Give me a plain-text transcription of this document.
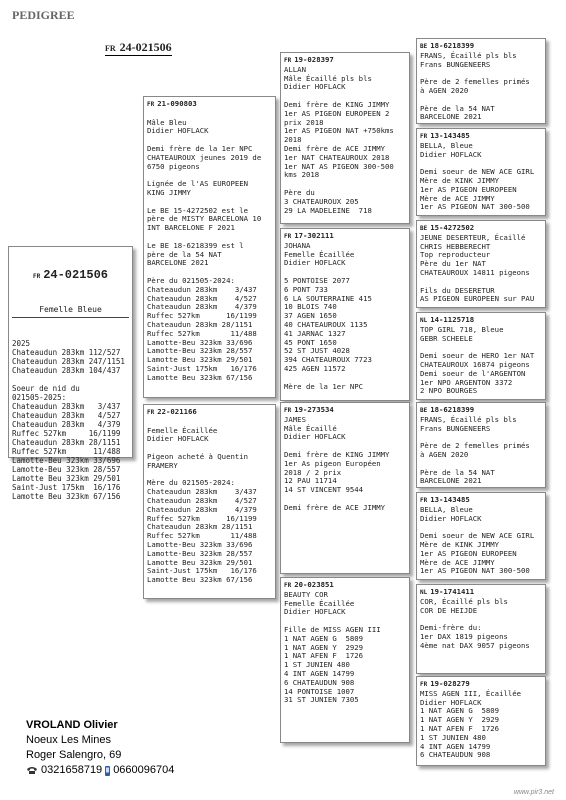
PEDIGREE
FR 24-021506

FR 24-021506

Femelle Bleue

2025
Chateaudun 283km 112/527
Chateaudun 283km 247/1151
Chateaudun 283km 104/437

Soeur de nid du
021505-2025:
Chateaudun 283km   3/437
Chateaudun 283km   4/527
Chateaudun 283km   4/379
Ruffec 527km     16/1199
Chateaudun 283km 28/1151
Ruffec 527km      11/488
Lamotte-Beu 323km 33/696
Lamotte-Beu 323km 28/557
Lamotte Beu 323km 29/501
Saint-Just 175km  16/176
Lamotte Beu 323km 67/156

FR 21-090803

Mâle Bleu
Didier HOFLACK

Demi frère de la 1er NPC
CHATEAUROUX jeunes 2019 de
6750 pigeons

Lignée de l'AS EUROPEEN
KING JIMMY

Le BE 15-4272502 est le
père de MISTY BARCELONA 10
INT BARCELONE F 2021

Le BE 18-6218399 est l
père de la 54 NAT
BARCELONE 2021

Père du 021505-2024:
Chateaudun 283km    3/437
Chateaudun 283km    4/527
Chateaudun 283km    4/379
Ruffec 527km      16/1199
Chateaudun 283km 28/1151
Ruffec 527km       11/488
Lamotte-Beu 323km 33/696
Lamotte-Beu 323km 28/557
Lamotte Beu 323km 29/501
Saint-Just 175km   16/176
Lamotte Beu 323km 67/156
FR 22-021166

Femelle Écaillée
Didier HOFLACK

Pigeon acheté à Quentin
FRAMERY

Mère du 021505-2024:
Chateaudun 283km    3/437
Chateaudun 283km    4/527
Chateaudun 283km    4/379
Ruffec 527km      16/1199
Chateaudun 283km 28/1151
Ruffec 527km       11/488
Lamotte-Beu 323km 33/696
Lamotte-Beu 323km 28/557
Lamotte Beu 323km 29/501
Saint-Just 175km   16/176
Lamotte Beu 323km 67/156
FR 19-028397
ALLAN
Mâle Écaillé pls bls
Didier HOFLACK

Demi frère de KING JIMMY
1er AS PIGEON EUROPEEN 2
prix 2018
1er AS PIGEON NAT +750kms
2018
Demi frère de ACE JIMMY
1er NAT CHATEAUROUX 2018
1er NAT AS PIGEON 300-500
kms 2018

Père du
3 CHATEAUROUX 205
29 LA MADELEINE  718
FR 17-302111
JOHANA
Femelle Écaillée
Didier HOFLACK

5 PONTOISE 2077
6 PONT 733
6 LA SOUTERRAINE 415
10 BLOIS 740
37 AGEN 1650
40 CHATEAUROUX 1135
41 JARNAC 1327
45 PONT 1650
52 ST JUST 4028
394 CHATEAUROUX 7723
425 AGEN 11572

Mère de la 1er NPC
FR 19-273534
JAMES
Mâle Écaillé
Didier HOFLACK

Demi frère de KING JIMMY
1er As pigeon Européen
2018 / 2 prix
12 PAU 11714
14 ST VINCENT 9544

Demi frère de ACE JIMMY
FR 20-023851
BEAUTY COR
Femelle Écaillée
Didier HOFLACK

Fille de MISS AGEN III
1 NAT AGEN G  5809
1 NAT AGEN Y  2929
1 NAT AFEN F  1726
1 ST JUNIEN 480
4 INT AGEN 14799
6 CHATEAUDUN 908
14 PONTOISE 1007
31 ST JUNIEN 7305
BE 18-6218399
FRANS, Écaillé pls bls
Frans BUNGENEERS

Père de 2 femelles primés
à AGEN 2020

Père de la 54 NAT
BARCELONE 2021
FR 13-143485
BELLA, Bleue
Didier HOFLACK

Demi soeur de NEW ACE GIRL
Mère de KINK JIMMY
1er AS PIGEON EUROPEEN
Mère de ACE JIMMY
1er AS PIGEON NAT 300-500
BE 15-4272502
JEUNE DESERTEUR, Écaillé
CHRIS HEBBERECHT
Top reproducteur
Père du 1er NAT
CHATEAUROUX 14811 pigeons

Fils du DESERETUR
AS PIGEON EUROPEEN sur PAU
NL 14-1125718
TOP GIRL 718, Bleue
GEBR SCHEELE

Demi soeur de HERO 1er NAT
CHATEAUROUX 16874 pigeons
Demi soeur de l'ARGENTON
1er NPO ARGENTON 3372
2 NPO BOURGES
BE 18-6218399
FRANS, Écaillé pls bls
Frans BUNGENEERS

Père de 2 femelles primés
à AGEN 2020

Père de la 54 NAT
BARCELONE 2021
FR 13-143485
BELLA, Bleue
Didier HOFLACK

Demi soeur de NEW ACE GIRL
Mère de KINK JIMMY
1er AS PIGEON EUROPEEN
Mère de ACE JIMMY
1er AS PIGEON NAT 300-500
NL 19-1741411
COR, Écaillé pls bls
COR DE HEIJDE

Demi-frère du:
1er DAX 1819 pigeons
4ème nat DAX 9057 pigeons
FR 19-028279
MISS AGEN III, Écaillée
Didier HOFLACK
1 NAT AGEN G  5809
1 NAT AGEN Y  2929
1 NAT AFEN F  1726
1 ST JUNIEN 480
4 INT AGEN 14799
6 CHATEAUDUN 908
VROLAND Olivier
Noeux Les Mines
Roger Salengro, 69
0321658719 0660096704
www.pir3.net
